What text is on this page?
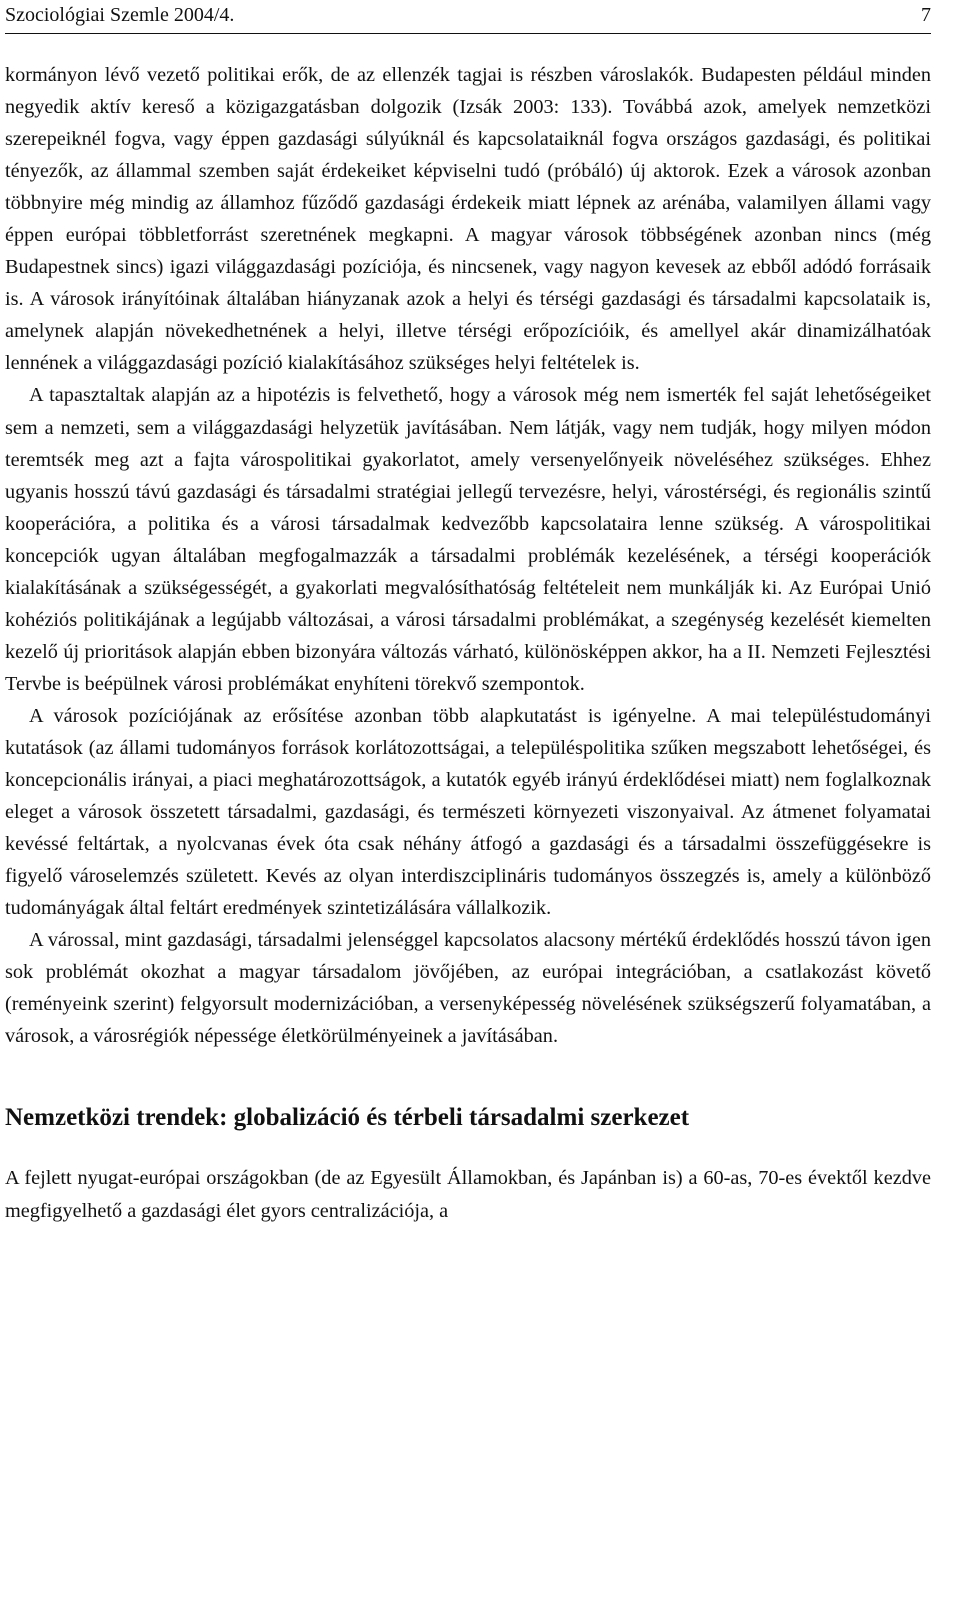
Szociológiai Szemle 2004/4.	7

kormányon lévő vezető politikai erők, de az ellenzék tagjai is részben városlakók. Budapesten például minden negyedik aktív kereső a közigazgatásban dolgozik (Izsák 2003: 133). Továbbá azok, amelyek nemzetközi szerepeiknél fogva, vagy éppen gazdasági súlyúknál és kapcsolataiknál fogva országos gazdasági, és politikai tényezők, az állammal szemben saját érdekeiket képviselni tudó (próbáló) új aktorok. Ezek a városok azonban többnyire még mindig az államhoz fűződő gazdasági érdekeik miatt lépnek az arénába, valamilyen állami vagy éppen európai többletforrást szeretnének megkapni. A magyar városok többségének azonban nincs (még Budapestnek sincs) igazi világgazdasági pozíciója, és nincsenek, vagy nagyon kevesek az ebből adódó forrásaik is. A városok irányítóinak általában hiányzanak azok a helyi és térségi gazdasági és társadalmi kapcsolataik is, amelynek alapján növekedhetnének a helyi, illetve térségi erőpozícióik, és amellyel akár dinamizálhatóak lennének a világgazdasági pozíció kialakításához szükséges helyi feltételek is.

A tapasztaltak alapján az a hipotézis is felvethető, hogy a városok még nem ismerték fel saját lehetőségeiket sem a nemzeti, sem a világgazdasági helyzetük javításában. Nem látják, vagy nem tudják, hogy milyen módon teremtsék meg azt a fajta várospolitikai gyakorlatot, amely versenyelőnyeik növeléséhez szükséges. Ehhez ugyanis hosszú távú gazdasági és társadalmi stratégiai jellegű tervezésre, helyi, várostérségi, és regionális szintű kooperációra, a politika és a városi társadalmak kedvezőbb kapcsolataira lenne szükség. A várospolitikai koncepciók ugyan általában megfogalmazzák a társadalmi problémák kezelésének, a térségi kooperációk kialakításának a szükségességét, a gyakorlati megvalósíthatóság feltételeit nem munkálják ki. Az Európai Unió kohéziós politikájának a legújabb változásai, a városi társadalmi problémákat, a szegénység kezelését kiemelten kezelő új prioritások alapján ebben bizonyára változás várható, különösképpen akkor, ha a II. Nemzeti Fejlesztési Tervbe is beépülnek városi problémákat enyhíteni törekvő szempontok.

A városok pozíciójának az erősítése azonban több alapkutatást is igényelne. A mai településtudományi kutatások (az állami tudományos források korlátozottságai, a településpolitika szűken megszabott lehetőségei, és koncepcionális irányai, a piaci meghatározottságok, a kutatók egyéb irányú érdeklődései miatt) nem foglalkoznak eleget a városok összetett társadalmi, gazdasági, és természeti környezeti viszonyaival. Az átmenet folyamatai kevéssé feltártak, a nyolcvanas évek óta csak néhány átfogó a gazdasági és a társadalmi összefüggésekre is figyelő városelemzés született. Kevés az olyan interdiszciplináris tudományos összegzés is, amely a különböző tudományágak által feltárt eredmények szintetizálására vállalkozik.

A várossal, mint gazdasági, társadalmi jelenséggel kapcsolatos alacsony mértékű érdeklődés hosszú távon igen sok problémát okozhat a magyar társadalom jövőjében, az európai integrációban, a csatlakozást követő (reményeink szerint) felgyorsult modernizációban, a versenyképesség növelésének szükségszerű folyamatában, a városok, a városrégiók népessége életkörülményeinek a javításában.

Nemzetközi trendek: globalizáció és térbeli társadalmi szerkezet

A fejlett nyugat-európai országokban (de az Egyesült Államokban, és Japánban is) a 60-as, 70-es évektől kezdve megfigyelhető a gazdasági élet gyors centralizációja, a
